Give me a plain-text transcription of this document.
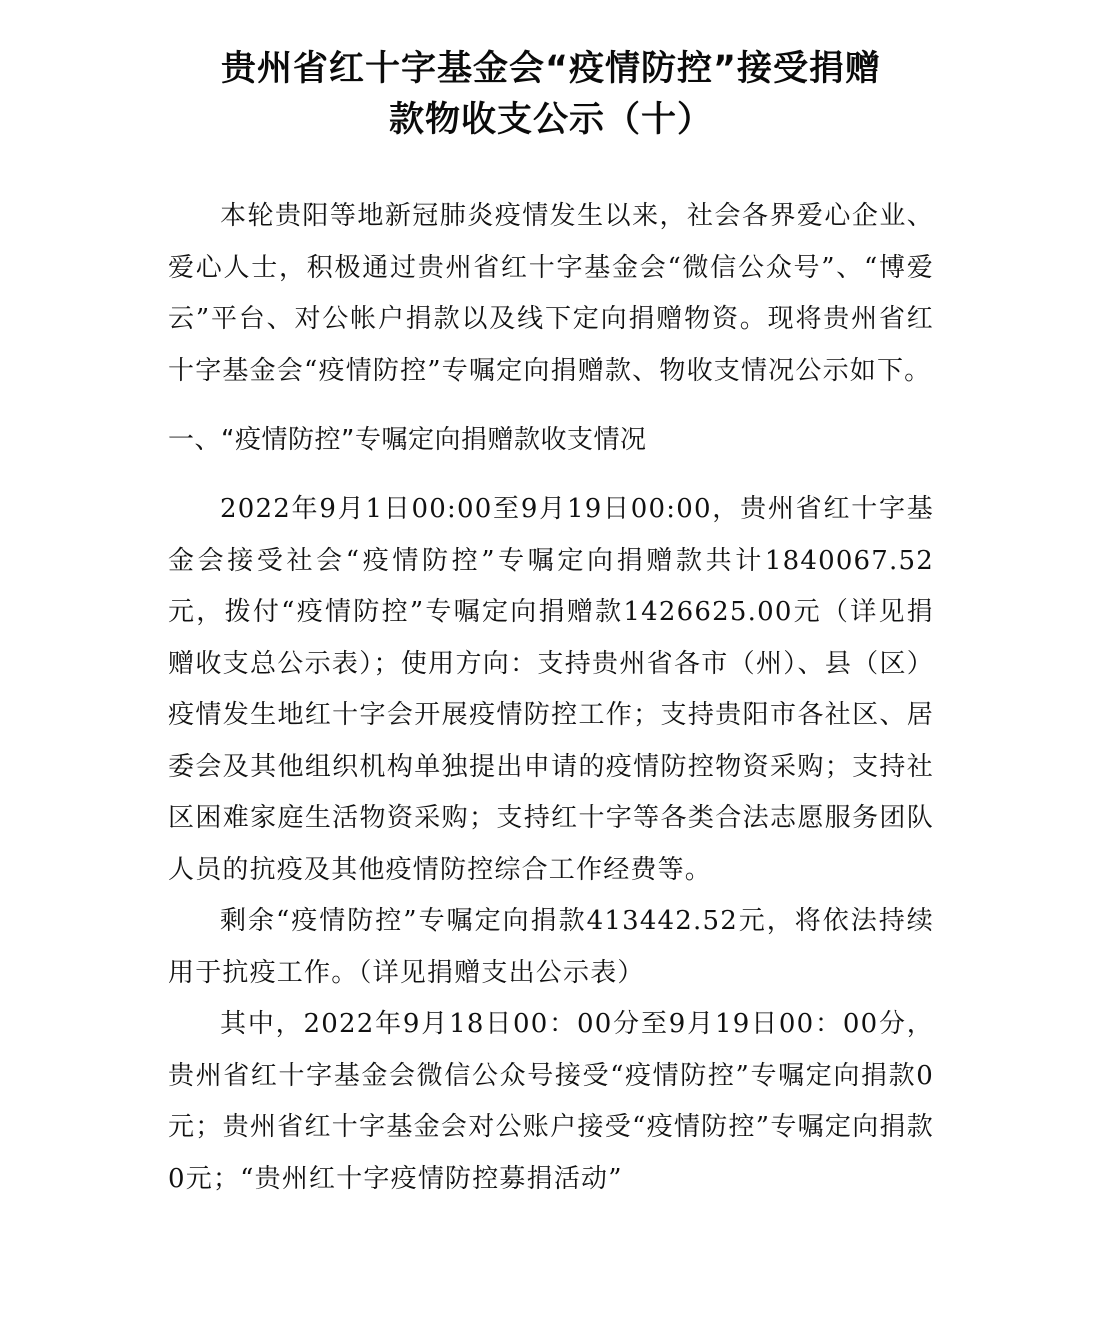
贵州省红十字基金会“疫情防控”接受捐赠
款物收支公示（十）

本轮贵阳等地新冠肺炎疫情发生以来，社会各界爱心企业、爱心人士，积极通过贵州省红十字基金会“微信公众号”、“博爱云”平台、对公帐户捐款以及线下定向捐赠物资。现将贵州省红十字基金会“疫情防控”专嘱定向捐赠款、物收支情况公示如下。

一、“疫情防控”专嘱定向捐赠款收支情况

2022年9月1日00:00至9月19日00:00，贵州省红十字基金会接受社会“疫情防控”专嘱定向捐赠款共计1840067.52元，拨付“疫情防控”专嘱定向捐赠款1426625.00元（详见捐赠收支总公示表）；使用方向：支持贵州省各市（州）、县（区）疫情发生地红十字会开展疫情防控工作；支持贵阳市各社区、居委会及其他组织机构单独提出申请的疫情防控物资采购；支持社区困难家庭生活物资采购；支持红十字等各类合法志愿服务团队人员的抗疫及其他疫情防控综合工作经费等。

剩余“疫情防控”专嘱定向捐款413442.52元，将依法持续用于抗疫工作。（详见捐赠支出公示表）

其中，2022年9月18日00：00分至9月19日00：00分，贵州省红十字基金会微信公众号接受“疫情防控”专嘱定向捐款0元；贵州省红十字基金会对公账户接受“疫情防控”专嘱定向捐款0元；“贵州红十字疫情防控募捐活动”
